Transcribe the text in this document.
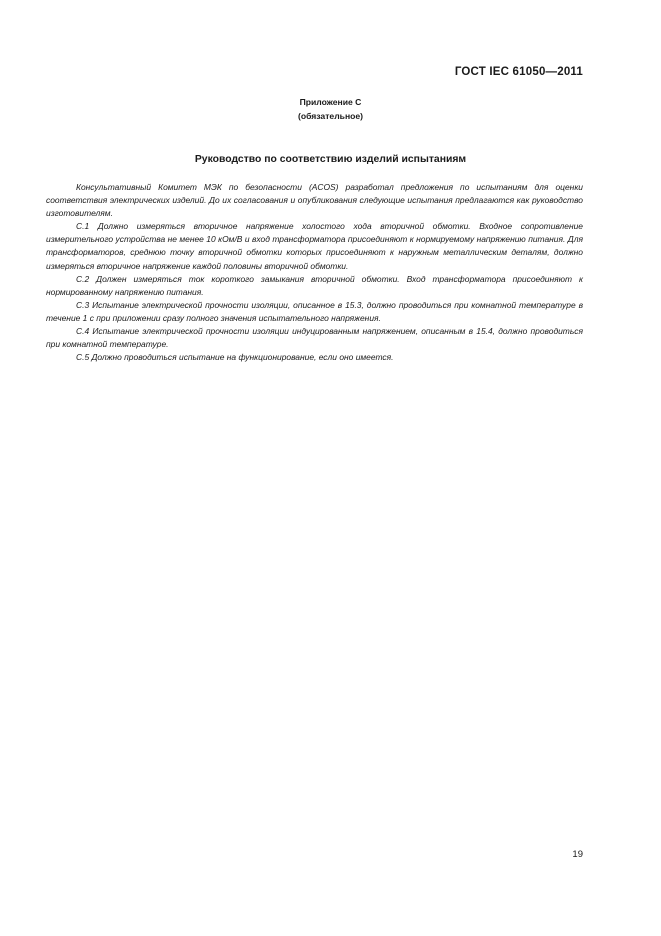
ГОСТ IEC 61050—2011
Приложение С
(обязательное)
Руководство по соответствию изделий испытаниям

Консультативный Комитет МЭК по безопасности (ACOS) разработал предложения по испытаниям для оценки соответствия электрических изделий. До их согласования и опубликования следующие испытания предлагаются как руководство изготовителям.

С.1 Должно измеряться вторичное напряжение холостого хода вторичной обмотки. Входное сопротивление измерительного устройства не менее 10 кОм/В и вход трансформатора присоединяют к нормируемому напряжению питания. Для трансформаторов, среднюю точку вторичной обмотки которых присоединяют к наружным металлическим деталям, должно измеряться вторичное напряжение каждой половины вторичной обмотки.

С.2 Должен измеряться ток короткого замыкания вторичной обмотки. Вход трансформатора присоединяют к нормированному напряжению питания.

С.3 Испытание электрической прочности изоляции, описанное в 15.3, должно проводиться при комнатной температуре в течение 1 с при приложении сразу полного значения испытательного напряжения.

С.4 Испытание электрической прочности изоляции индуцированным напряжением, описанным в 15.4, должно проводиться при комнатной температуре.

С.5 Должно проводиться испытание на функционирование, если оно имеется.

19
